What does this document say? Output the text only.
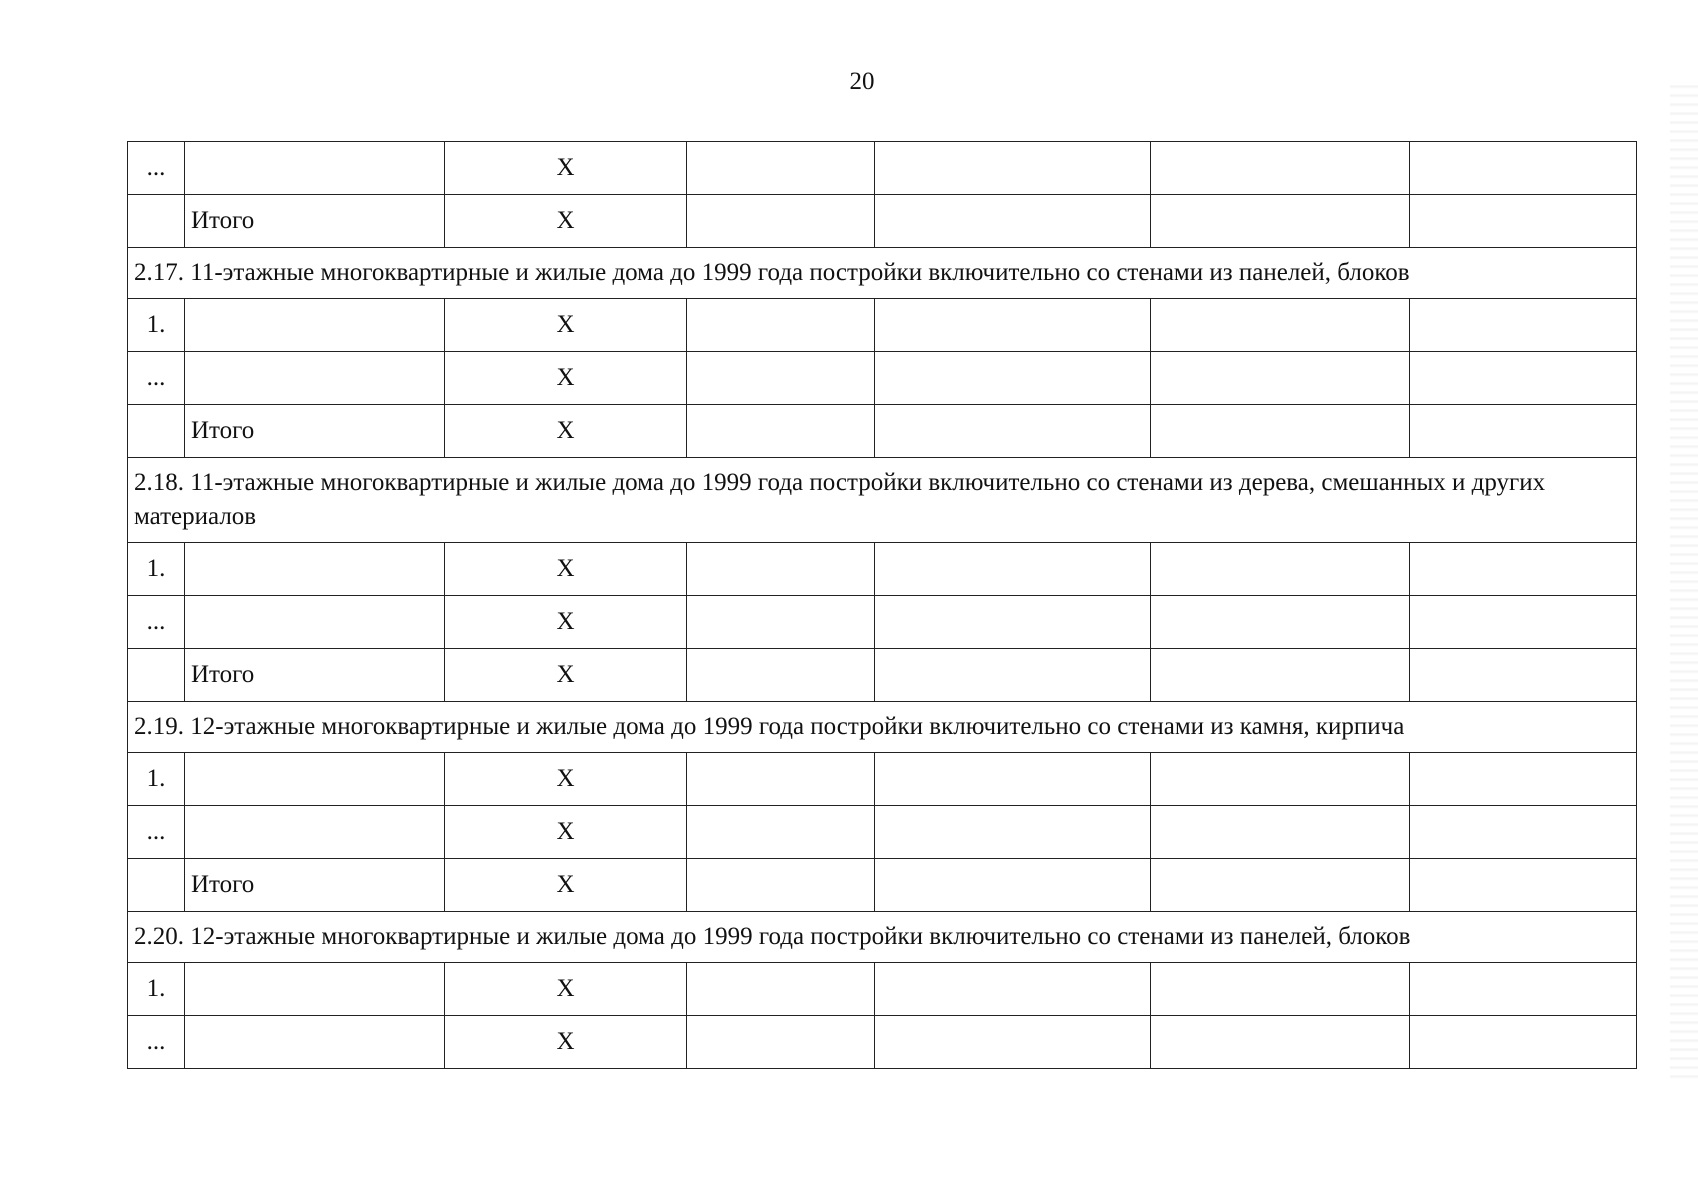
20
...		X				
	Итого	X				
2.17. 11-этажные многоквартирные и жилые дома до 1999 года постройки включительно со стенами из панелей, блоков						
1.		X				
...		X				
	Итого	X				
2.18. 11-этажные многоквартирные и жилые дома до 1999 года постройки включительно со стенами из дерева, смешанных и других материалов						
1.		X				
...		X				
	Итого	X				
2.19. 12-этажные многоквартирные и жилые дома до 1999 года постройки включительно со стенами из камня, кирпича						
1.		X				
...		X				
	Итого	X				
2.20. 12-этажные многоквартирные и жилые дома до 1999 года постройки включительно со стенами из панелей, блоков						
1.		X				
...		X				
